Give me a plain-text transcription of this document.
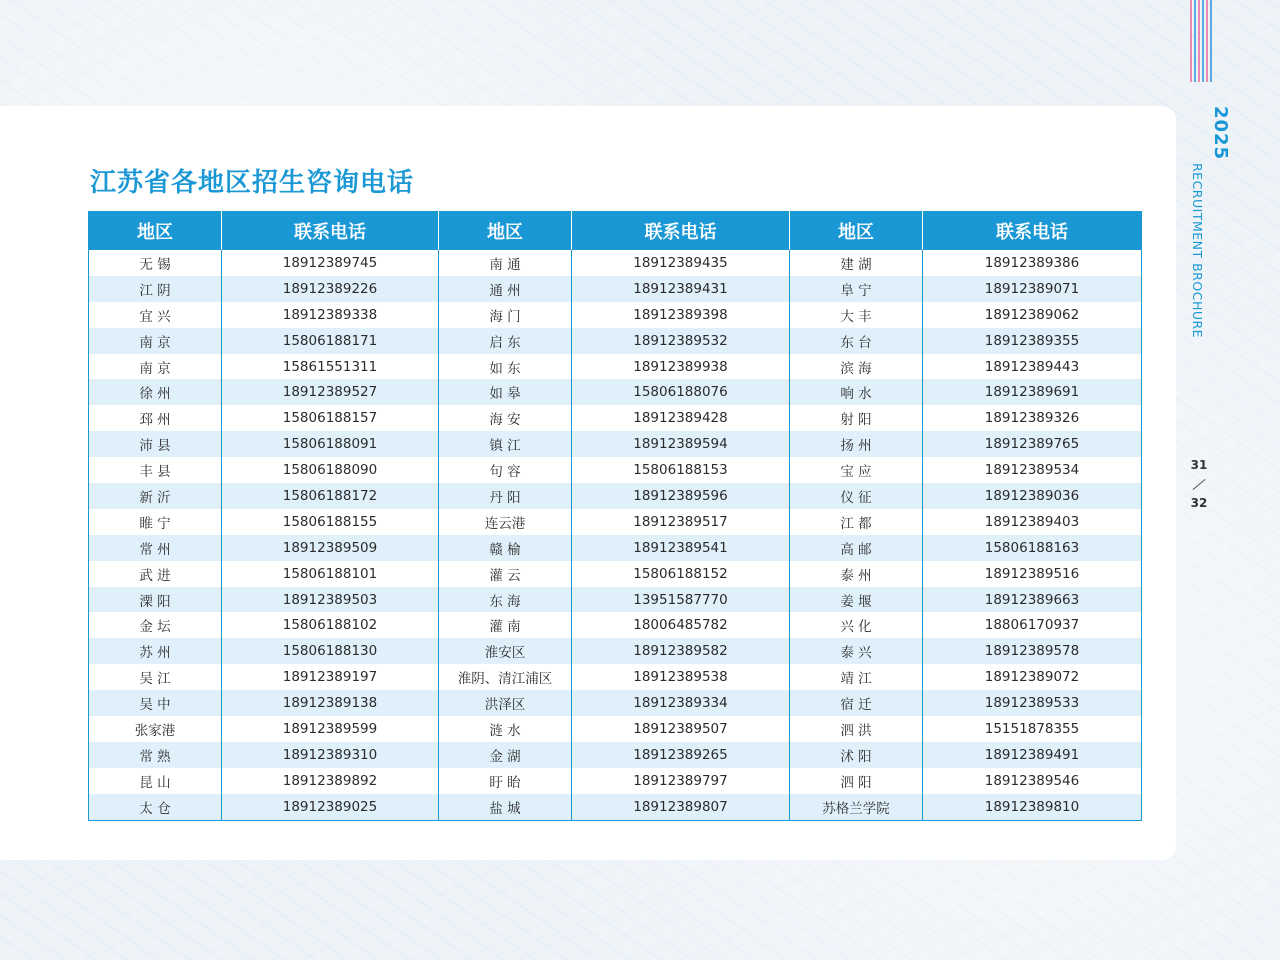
江苏省各地区招生咨询电话
地区	联系电话	地区	联系电话	地区	联系电话
无 锡	18912389745	南 通	18912389435	建 湖	18912389386
江 阴	18912389226	通 州	18912389431	阜 宁	18912389071
宜 兴	18912389338	海 门	18912389398	大 丰	18912389062
南 京	15806188171	启 东	18912389532	东 台	18912389355
南 京	15861551311	如 东	18912389938	滨 海	18912389443
徐 州	18912389527	如 皋	15806188076	响 水	18912389691
邳 州	15806188157	海 安	18912389428	射 阳	18912389326
沛 县	15806188091	镇 江	18912389594	扬 州	18912389765
丰 县	15806188090	句 容	15806188153	宝 应	18912389534
新 沂	15806188172	丹 阳	18912389596	仪 征	18912389036
睢 宁	15806188155	连云港	18912389517	江 都	18912389403
常 州	18912389509	赣 榆	18912389541	高 邮	15806188163
武 进	15806188101	灌 云	15806188152	泰 州	18912389516
溧 阳	18912389503	东 海	13951587770	姜 堰	18912389663
金 坛	15806188102	灌 南	18006485782	兴 化	18806170937
苏 州	15806188130	淮安区	18912389582	泰 兴	18912389578
吴 江	18912389197	淮阴、清江浦区	18912389538	靖 江	18912389072
吴 中	18912389138	洪泽区	18912389334	宿 迁	18912389533
张家港	18912389599	涟 水	18912389507	泗 洪	15151878355
常 熟	18912389310	金 湖	18912389265	沭 阳	18912389491
昆 山	18912389892	盱 眙	18912389797	泗 阳	18912389546
太 仓	18912389025	盐 城	18912389807	苏格兰学院	18912389810
2025
RECRUITMENT BROCHURE
31
32
